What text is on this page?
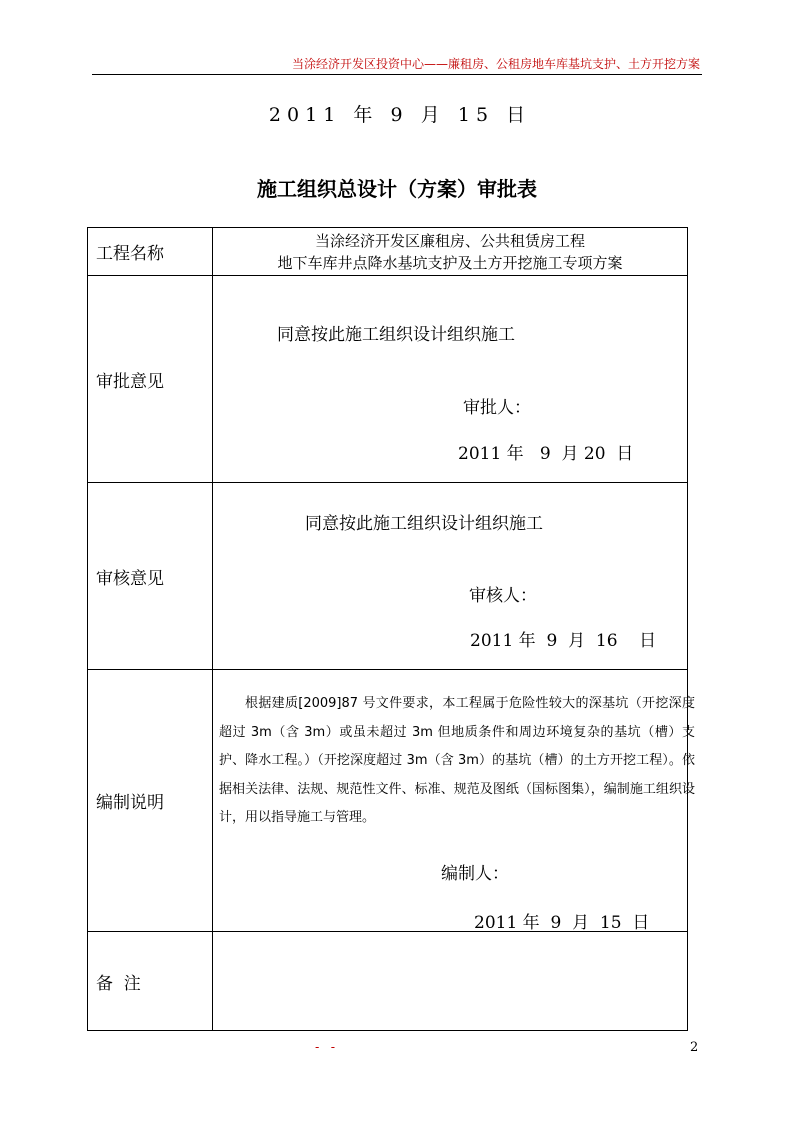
当涂经济开发区投资中心——廉租房、公租房地车库基坑支护、土方开挖方案
2 0 1 1   年   9   月   1 5   日
施工组织总设计（方案）审批表
工程名称	当涂经济开发区廉租房、公共租赁房工程
地下车库井点降水基坑支护及土方开挖施工专项方案

审批意见	同意按此施工组织设计组织施工
审批人：
2011 年   9  月 20  日

审核意见	同意按此施工组织设计组织施工
审核人：
2011 年  9  月  16    日

编制说明	根据建质[2009]87 号文件要求，本工程属于危险性较大的深基坑（开挖深度超过 3m（含 3m）或虽未超过 3m 但地质条件和周边环境复杂的基坑（槽）支护、降水工程。）（开挖深度超过 3m（含 3m）的基坑（槽）的土方开挖工程）。依据相关法律、法规、规范性文件、标准、规范及图纸（国标图集），编制施工组织设计，用以指导施工与管理。
编制人：
2011 年  9  月  15  日

备  注	
-   -	2
